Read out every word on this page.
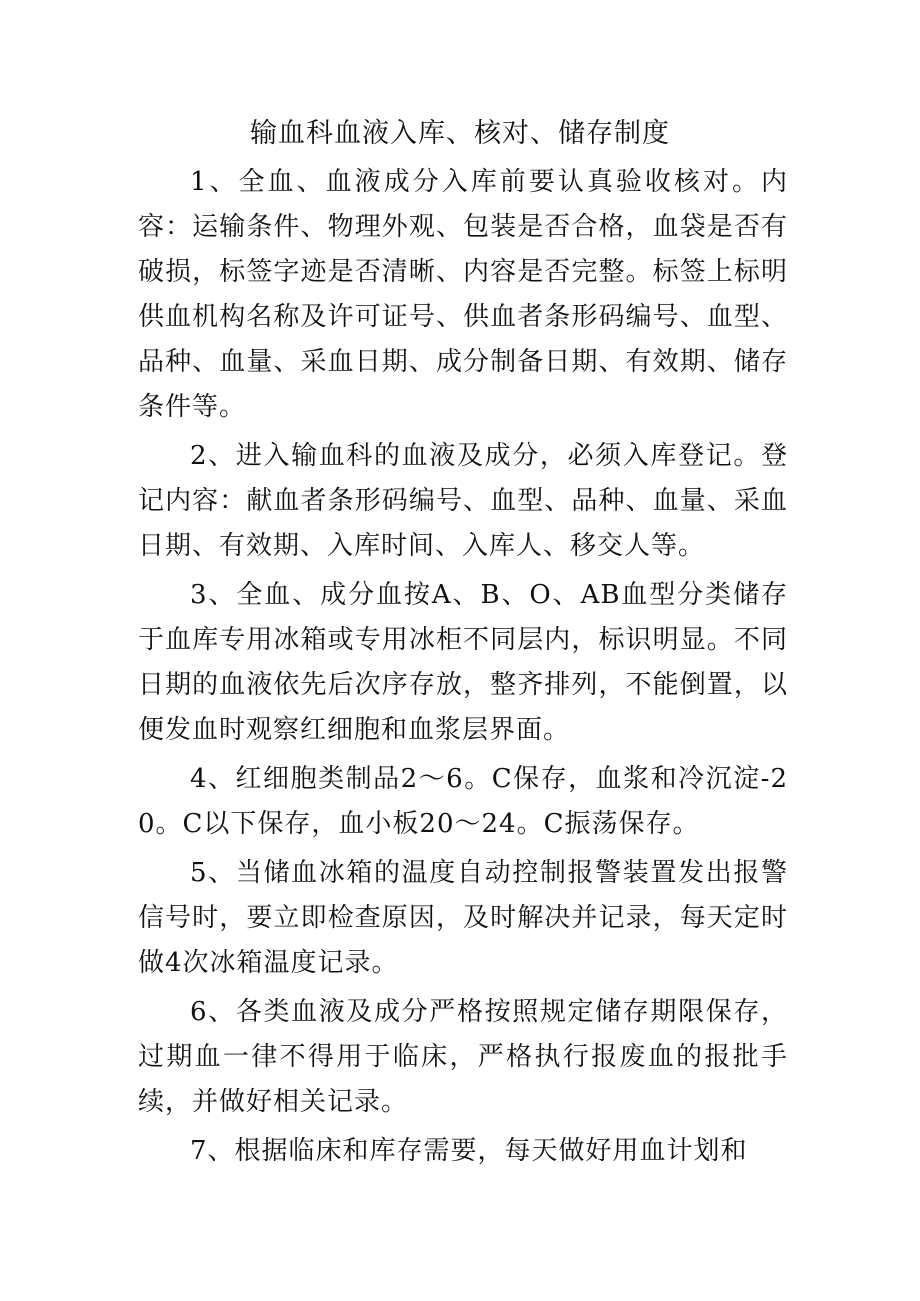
输血科血液入库、核对、储存制度

1、全血、血液成分入库前要认真验收核对。内容：运输条件、物理外观、包装是否合格，血袋是否有破损，标签字迹是否清晰、内容是否完整。标签上标明供血机构名称及许可证号、供血者条形码编号、血型、品种、血量、采血日期、成分制备日期、有效期、储存条件等。

2、进入输血科的血液及成分，必须入库登记。登记内容：献血者条形码编号、血型、品种、血量、采血日期、有效期、入库时间、入库人、移交人等。

3、全血、成分血按A、B、O、AB血型分类储存于血库专用冰箱或专用冰柜不同层内，标识明显。不同日期的血液依先后次序存放，整齐排列，不能倒置，以便发血时观察红细胞和血浆层界面。

4、红细胞类制品2～6。C保存，血浆和冷沉淀-20。C以下保存，血小板20～24。C振荡保存。

5、当储血冰箱的温度自动控制报警装置发出报警信号时，要立即检查原因，及时解决并记录，每天定时做4次冰箱温度记录。

6、各类血液及成分严格按照规定储存期限保存，过期血一律不得用于临床，严格执行报废血的报批手续，并做好相关记录。

7、根据临床和库存需要，每天做好用血计划和
